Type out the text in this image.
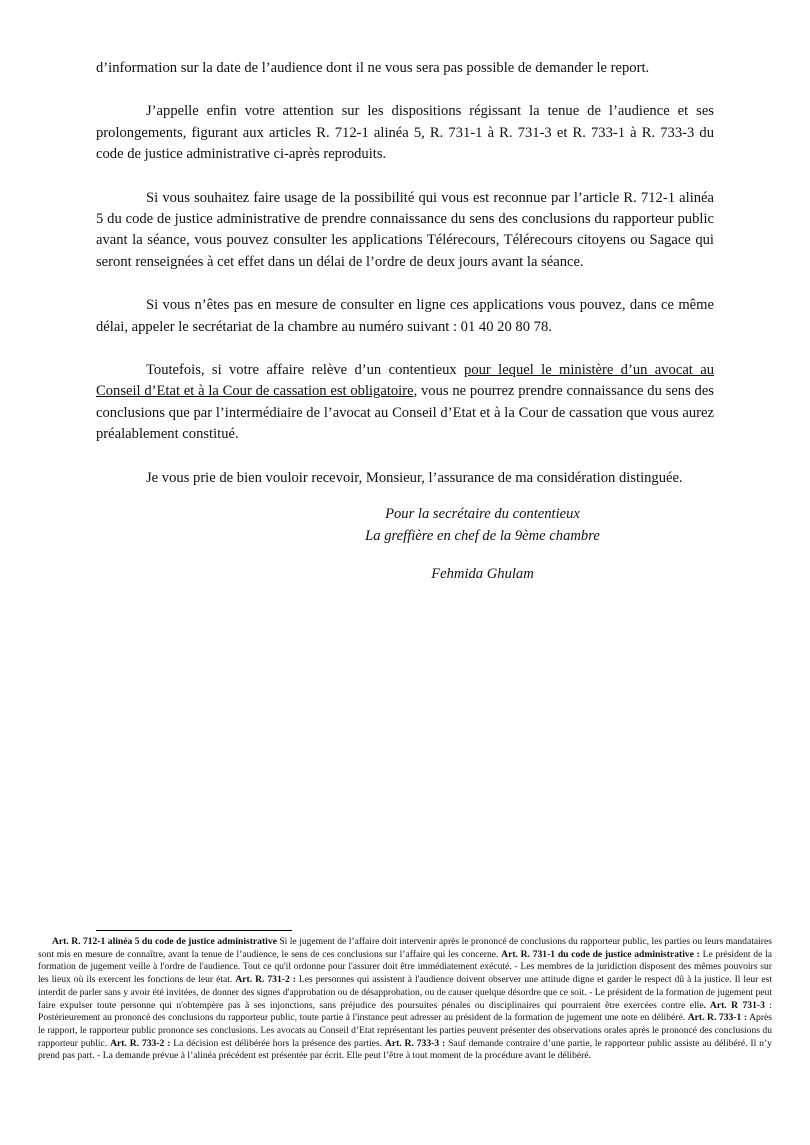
d’information sur la date de l’audience dont il ne vous sera pas possible de demander le report.

J’appelle enfin votre attention sur les dispositions régissant la tenue de l’audience et ses prolongements, figurant aux articles R. 712-1 alinéa 5, R. 731-1 à R. 731-3 et R. 733-1 à R. 733-3 du code de justice administrative ci-après reproduits.

Si vous souhaitez faire usage de la possibilité qui vous est reconnue par l’article R. 712-1 alinéa 5 du code de justice administrative de prendre connaissance du sens des conclusions du rapporteur public avant la séance, vous pouvez consulter les applications Télérecours, Télérecours citoyens ou Sagace qui seront renseignées à cet effet dans un délai de l’ordre de deux jours avant la séance.

Si vous n’êtes pas en mesure de consulter en ligne ces applications vous pouvez, dans ce même délai, appeler le secrétariat de la chambre au numéro suivant : 01 40 20 80 78.

Toutefois, si votre affaire relève d’un contentieux pour lequel le ministère d’un avocat au Conseil d’Etat et à la Cour de cassation est obligatoire, vous ne pourrez prendre connaissance du sens des conclusions que par l’intermédiaire de l’avocat au Conseil d’Etat et à la Cour de cassation que vous aurez préalablement constitué.

Je vous prie de bien vouloir recevoir, Monsieur, l’assurance de ma considération distinguée.

Pour la secrétaire du contentieux
La greffière en chef de la 9ème chambre
Fehmida Ghulam

Art. R. 712-1 alinéa 5 du code de justice administrative Si le jugement de l’affaire doit intervenir après le prononcé de conclusions du rapporteur public, les parties ou leurs mandataires sont mis en mesure de connaître, avant la tenue de l’audience, le sens de ces conclusions sur l’affaire qui les concerne. Art. R. 731-1 du code de justice administrative : Le président de la formation de jugement veille à l'ordre de l'audience. Tout ce qu'il ordonne pour l'assurer doit être immédiatement exécuté. - Les membres de la juridiction disposent des mêmes pouvoirs sur les lieux où ils exercent les fonctions de leur état. Art. R. 731-2 : Les personnes qui assistent à l'audience doivent observer une attitude digne et garder le respect dû à la justice. Il leur est interdit de parler sans y avoir été invitées, de donner des signes d'approbation ou de désapprobation, ou de causer quelque désordre que ce soit. - Le président de la formation de jugement peut faire expulser toute personne qui n'obtempère pas à ses injonctions, sans préjudice des poursuites pénales ou disciplinaires qui pourraient être exercées contre elle. Art. R 731-3 : Postérieurement au prononcé des conclusions du rapporteur public, toute partie à l'instance peut adresser au président de la formation de jugement une note en délibéré. Art. R. 733-1 : Après le rapport, le rapporteur public prononce ses conclusions. Les avocats au Conseil d’Etat représentant les parties peuvent présenter des observations orales après le prononcé des conclusions du rapporteur public. Art. R. 733-2 : La décision est délibérée hors la présence des parties. Art. R. 733-3 : Sauf demande contraire d’une partie, le rapporteur public assiste au délibéré. Il n’y prend pas part. - La demande prévue à l’alinéa précédent est présentée par écrit. Elle peut l’être à tout moment de la procédure avant le délibéré.
